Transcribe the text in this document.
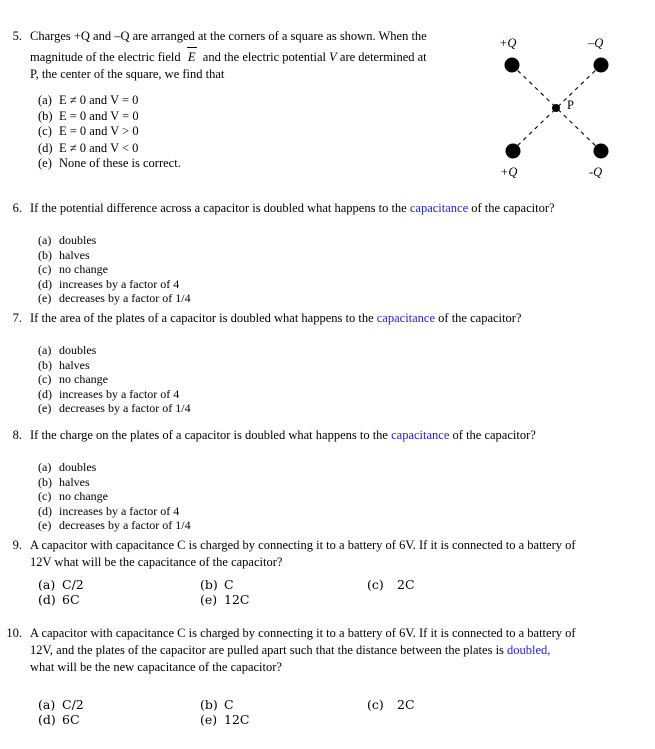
5. Charges +Q and –Q are arranged at the corners of a square as shown. When the
magnitude of the electric field  E  and the electric potential V are determined at
P, the center of the square, we find that
(a) E ≠ 0 and V = 0
(b) E = 0 and V = 0
(c) E = 0 and V > 0
(d) E ≠ 0 and V < 0
(e) None of these is correct.
+Q	–Q
+Q	-Q
P
6. If the potential difference across a capacitor is doubled what happens to the capacitance of the capacitor?
(a) doubles
(b) halves
(c) no change
(d) increases by a factor of 4
(e) decreases by a factor of 1/4
7. If the area of the plates of a capacitor is doubled what happens to the capacitance of the capacitor?
(a) doubles
(b) halves
(c) no change
(d) increases by a factor of 4
(e) decreases by a factor of 1/4
8. If the charge on the plates of a capacitor is doubled what happens to the capacitance of the capacitor?
(a) doubles
(b) halves
(c) no change
(d) increases by a factor of 4
(e) decreases by a factor of 1/4
9. A capacitor with capacitance C is charged by connecting it to a battery of 6V. If it is connected to a battery of
12V what will be the capacitance of the capacitor?
(a) C/2	(b) C	(c)	2C
(d) 6C	(e) 12C
10. A capacitor with capacitance C is charged by connecting it to a battery of 6V. If it is connected to a battery of
12V, and the plates of the capacitor are pulled apart such that the distance between the plates is doubled,
what will be the new capacitance of the capacitor?
(a) C/2	(b) C	(c)	2C
(d) 6C	(e) 12C
